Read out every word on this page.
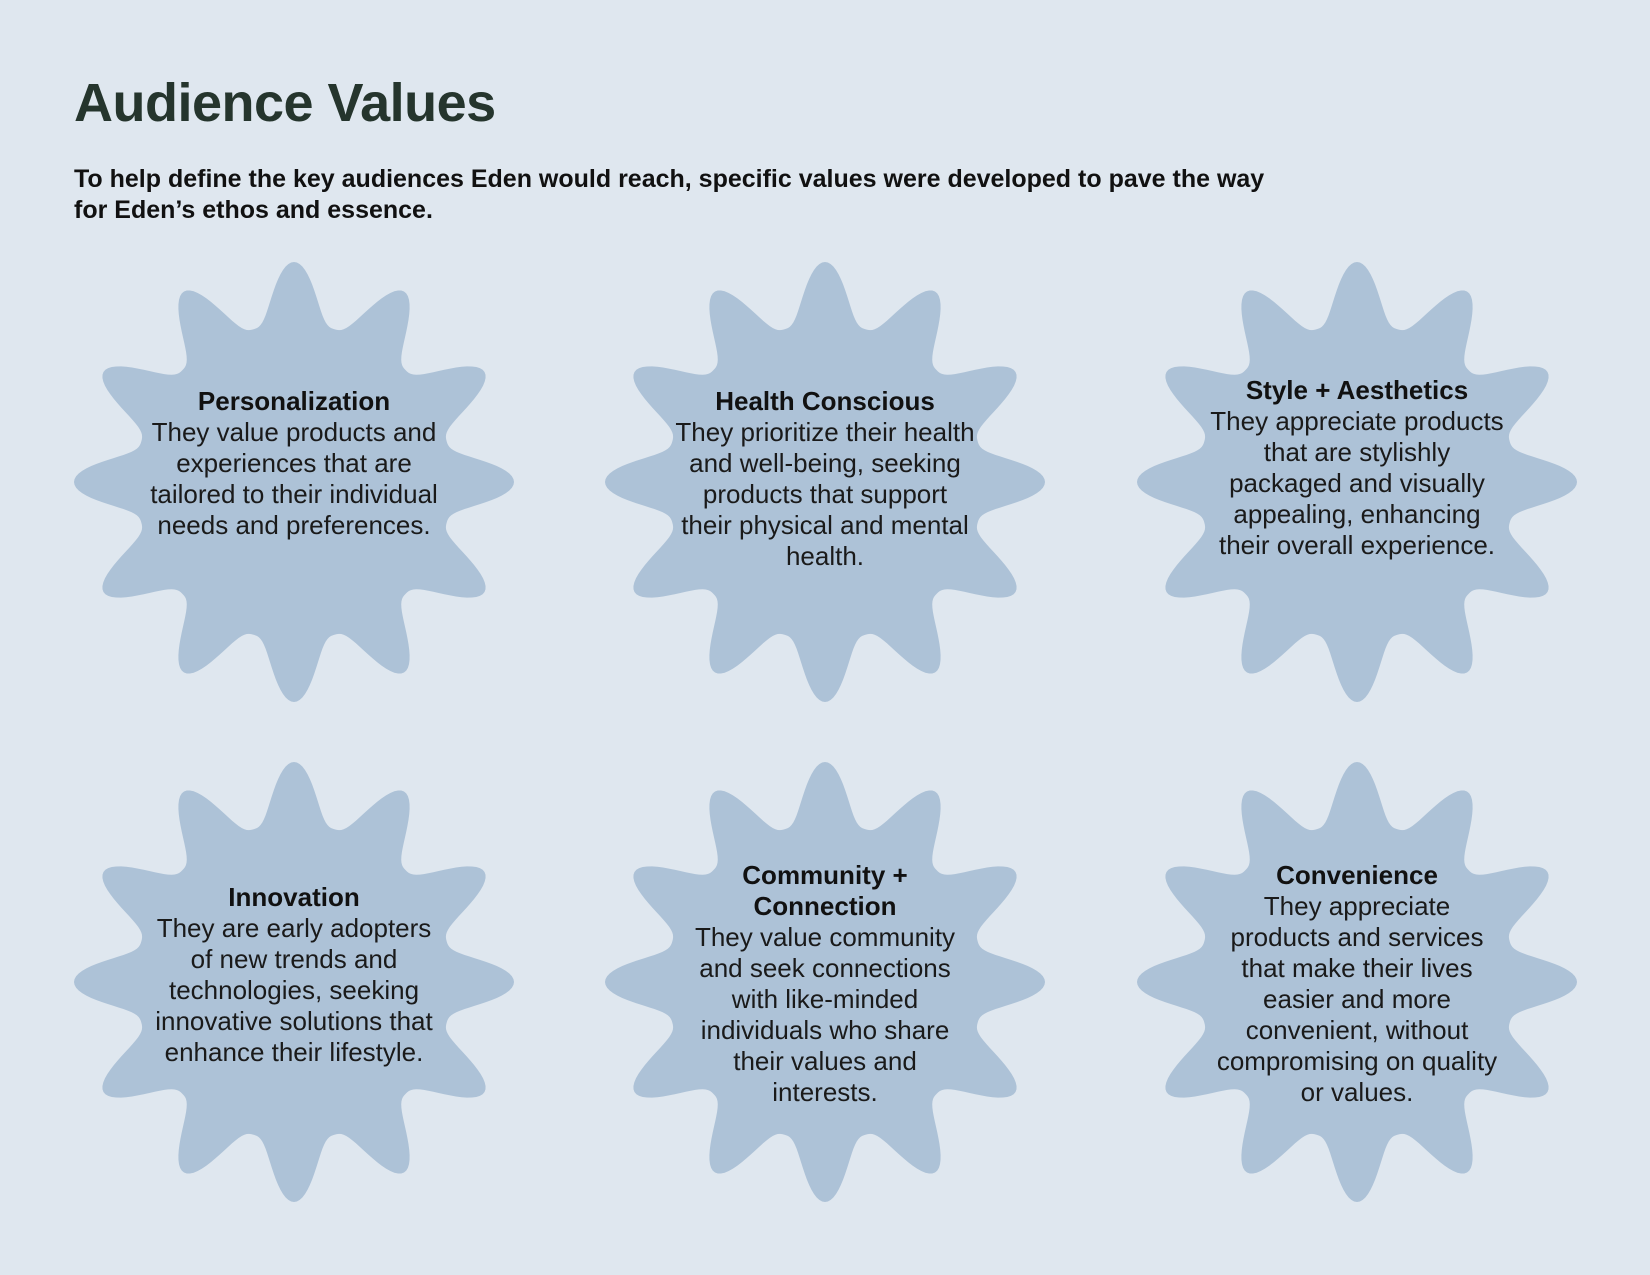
Audience Values

To help define the key audiences Eden would reach, specific values were developed to pave the way for Eden’s ethos and essence.

Personalization
They value products and experiences that are tailored to their individual needs and preferences.
Health Conscious
They prioritize their health and well-being, seeking products that support their physical and mental health.
Style + Aesthetics
They appreciate products that are stylishly packaged and visually appealing, enhancing their overall experience.
Innovation
They are early adopters of new trends and technologies, seeking innovative solutions that enhance their lifestyle.
Community + Connection
They value community and seek connections with like-minded individuals who share their values and interests.
Convenience
They appreciate products and services that make their lives easier and more convenient, without compromising on quality or values.
